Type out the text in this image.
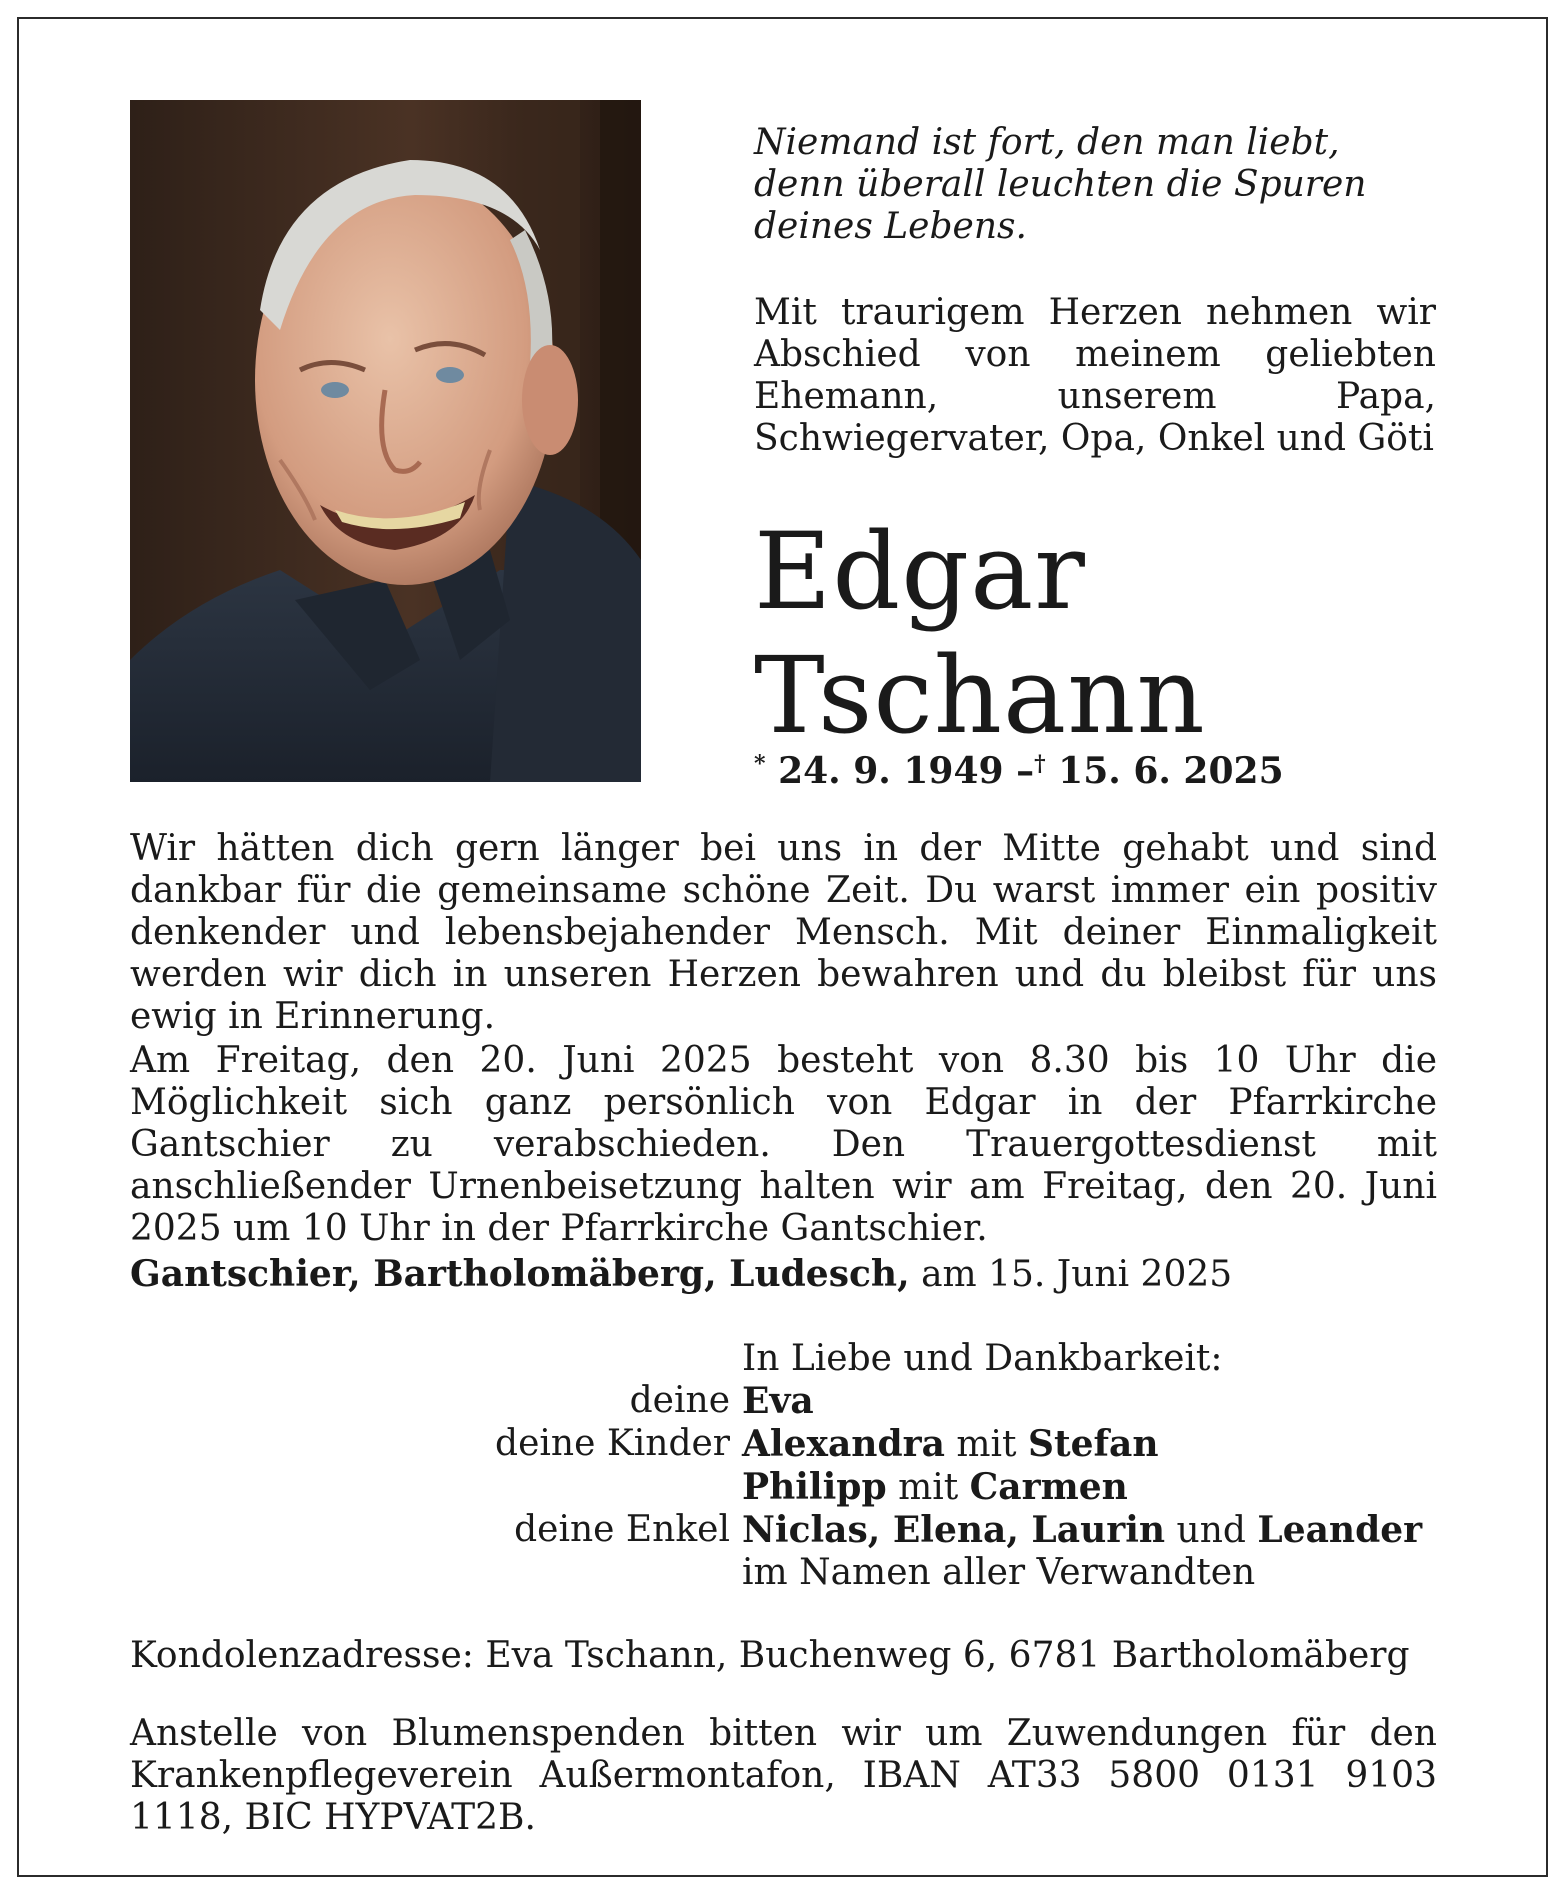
Niemand ist fort, den man liebt,
denn überall leuchten die Spuren
deines Lebens.
Mit traurigem Herzen nehmen wir Abschied von meinem geliebten Ehemann, unserem Papa, Schwiegervater, Opa, Onkel und Göti
Edgar
Tschann
* 24. 9. 1949 –† 15. 6. 2025
Wir hätten dich gern länger bei uns in der Mitte gehabt und sind dankbar für die gemeinsame schöne Zeit. Du warst immer ein positiv denkender und lebensbejahender Mensch. Mit deiner Einmaligkeit werden wir dich in unseren Herzen bewahren und du bleibst für uns ewig in Erinnerung.
Am Freitag, den 20. Juni 2025 besteht von 8.30 bis 10 Uhr die Möglichkeit sich ganz persönlich von Edgar in der Pfarrkirche Gantschier zu verabschieden. Den Trauergottesdienst mit anschließender Urnenbeisetzung halten wir am Freitag, den 20. Juni 2025 um 10 Uhr in der Pfarrkirche Gantschier.
Gantschier, Bartholomäberg, Ludesch, am 15. Juni 2025
In Liebe und Dankbarkeit:
deine Eva
deine Kinder Alexandra mit Stefan
Philipp mit Carmen
deine Enkel Niclas, Elena, Laurin und Leander
im Namen aller Verwandten
Kondolenzadresse: Eva Tschann, Buchenweg 6, 6781 Bartholomäberg
Anstelle von Blumenspenden bitten wir um Zuwendungen für den Krankenpflegeverein Außermontafon, IBAN AT33 5800 0131 9103 1118, BIC HYPVAT2B.
